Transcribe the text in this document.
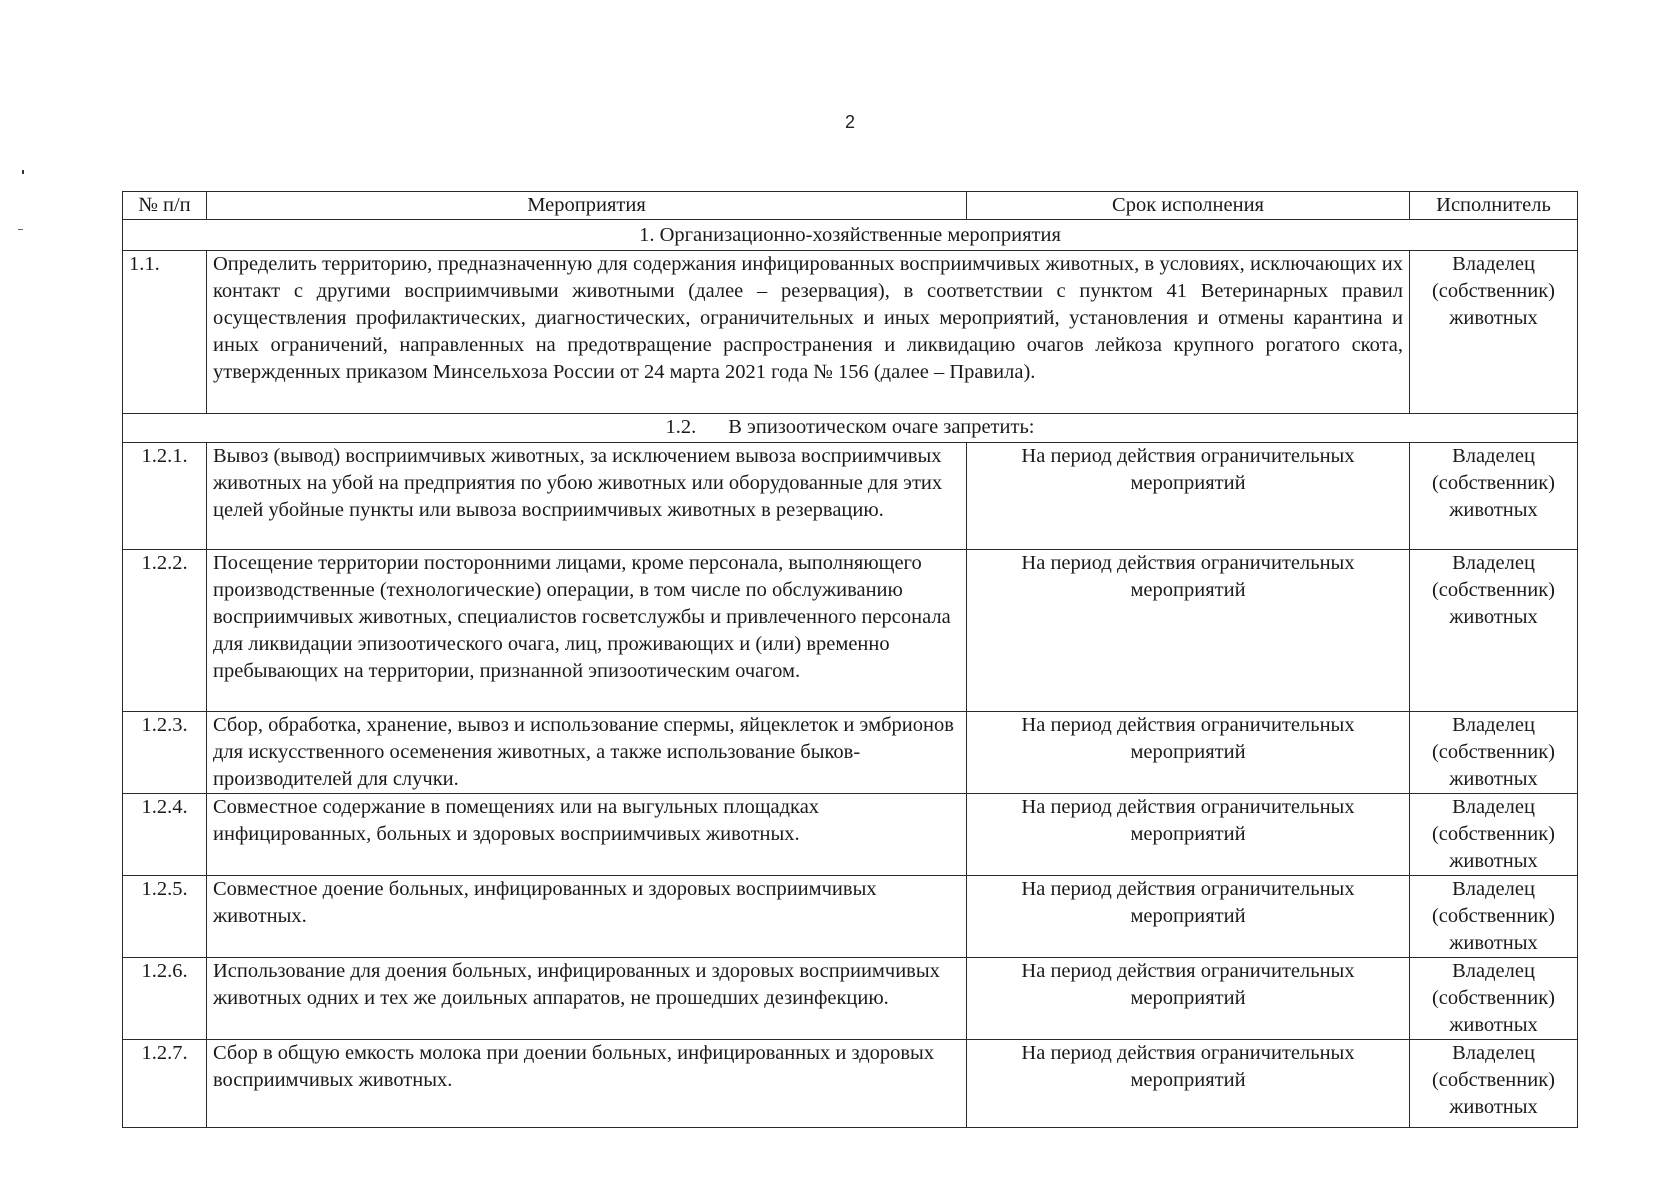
2
№ п/п	Мероприятия	Срок исполнения	Исполнитель
1. Организационно-хозяйственные мероприятия			
1.1.	Определить территорию, предназначенную для содержания инфицированных восприимчивых животных, в условиях, исключающих их контакт с другими восприимчивыми животными (далее – резервация), в соответствии с пунктом 41 Ветеринарных правил осуществления профилактических, диагностических, ограничительных и иных мероприятий, установления и отмены карантина и иных ограничений, направленных на предотвращение распространения и ликвидацию очагов лейкоза крупного рогатого скота, утвержденных приказом Минсельхоза России от 24 марта 2021 года № 156 (далее – Правила).		Владелец (собственник) животных
1.2. В эпизоотическом очаге запретить:			
1.2.1.	Вывоз (вывод) восприимчивых животных, за исключением вывоза восприимчивых животных на убой на предприятия по убою животных или оборудованные для этих целей убойные пункты или вывоза восприимчивых животных в резервацию.	На период действия ограничительных мероприятий	Владелец (собственник) животных
1.2.2.	Посещение территории посторонними лицами, кроме персонала, выполняющего производственные (технологические) операции, в том числе по обслуживанию восприимчивых животных, специалистов госветслужбы и привлеченного персонала для ликвидации эпизоотического очага, лиц, проживающих и (или) временно пребывающих на территории, признанной эпизоотическим очагом.	На период действия ограничительных мероприятий	Владелец (собственник) животных
1.2.3.	Сбор, обработка, хранение, вывоз и использование спермы, яйцеклеток и эмбрионов для искусственного осеменения животных, а также использование быков-производителей для случки.	На период действия ограничительных мероприятий	Владелец (собственник) животных
1.2.4.	Совместное содержание в помещениях или на выгульных площадках инфицированных, больных и здоровых восприимчивых животных.	На период действия ограничительных мероприятий	Владелец (собственник) животных
1.2.5.	Совместное доение больных, инфицированных и здоровых восприимчивых животных.	На период действия ограничительных мероприятий	Владелец (собственник) животных
1.2.6.	Использование для доения больных, инфицированных и здоровых восприимчивых животных одних и тех же доильных аппаратов, не прошедших дезинфекцию.	На период действия ограничительных мероприятий	Владелец (собственник) животных
1.2.7.	Сбор в общую емкость молока при доении больных, инфицированных и здоровых восприимчивых животных.	На период действия ограничительных мероприятий	Владелец (собственник) животных
